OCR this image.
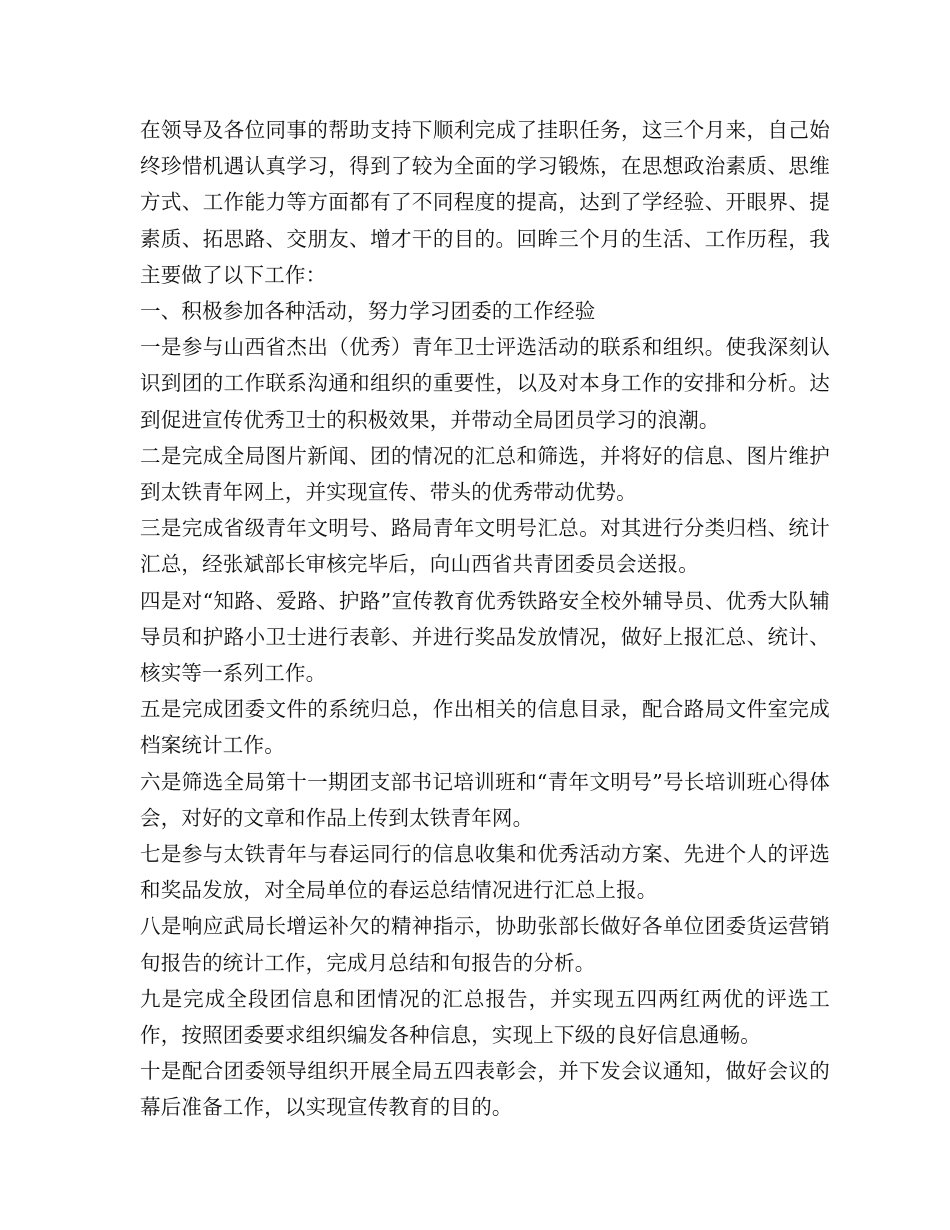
在领导及各位同事的帮助支持下顺利完成了挂职任务，这三个月来，自己始终珍惜机遇认真学习，得到了较为全面的学习锻炼，在思想政治素质、思维方式、工作能力等方面都有了不同程度的提高，达到了学经验、开眼界、提素质、拓思路、交朋友、增才干的目的。回眸三个月的生活、工作历程，我主要做了以下工作：

一、积极参加各种活动，努力学习团委的工作经验

一是参与山西省杰出（优秀）青年卫士评选活动的联系和组织。使我深刻认识到团的工作联系沟通和组织的重要性，以及对本身工作的安排和分析。达到促进宣传优秀卫士的积极效果，并带动全局团员学习的浪潮。

二是完成全局图片新闻、团的情况的汇总和筛选，并将好的信息、图片维护到太铁青年网上，并实现宣传、带头的优秀带动优势。

三是完成省级青年文明号、路局青年文明号汇总。对其进行分类归档、统计汇总，经张斌部长审核完毕后，向山西省共青团委员会送报。

四是对“知路、爱路、护路”宣传教育优秀铁路安全校外辅导员、优秀大队辅导员和护路小卫士进行表彰、并进行奖品发放情况，做好上报汇总、统计、核实等一系列工作。

五是完成团委文件的系统归总，作出相关的信息目录，配合路局文件室完成档案统计工作。

六是筛选全局第十一期团支部书记培训班和“青年文明号”号长培训班心得体会，对好的文章和作品上传到太铁青年网。

七是参与太铁青年与春运同行的信息收集和优秀活动方案、先进个人的评选和奖品发放，对全局单位的春运总结情况进行汇总上报。

八是响应武局长增运补欠的精神指示，协助张部长做好各单位团委货运营销旬报告的统计工作，完成月总结和旬报告的分析。

九是完成全段团信息和团情况的汇总报告，并实现五四两红两优的评选工作，按照团委要求组织编发各种信息，实现上下级的良好信息通畅。

十是配合团委领导组织开展全局五四表彰会，并下发会议通知，做好会议的幕后准备工作，以实现宣传教育的目的。
